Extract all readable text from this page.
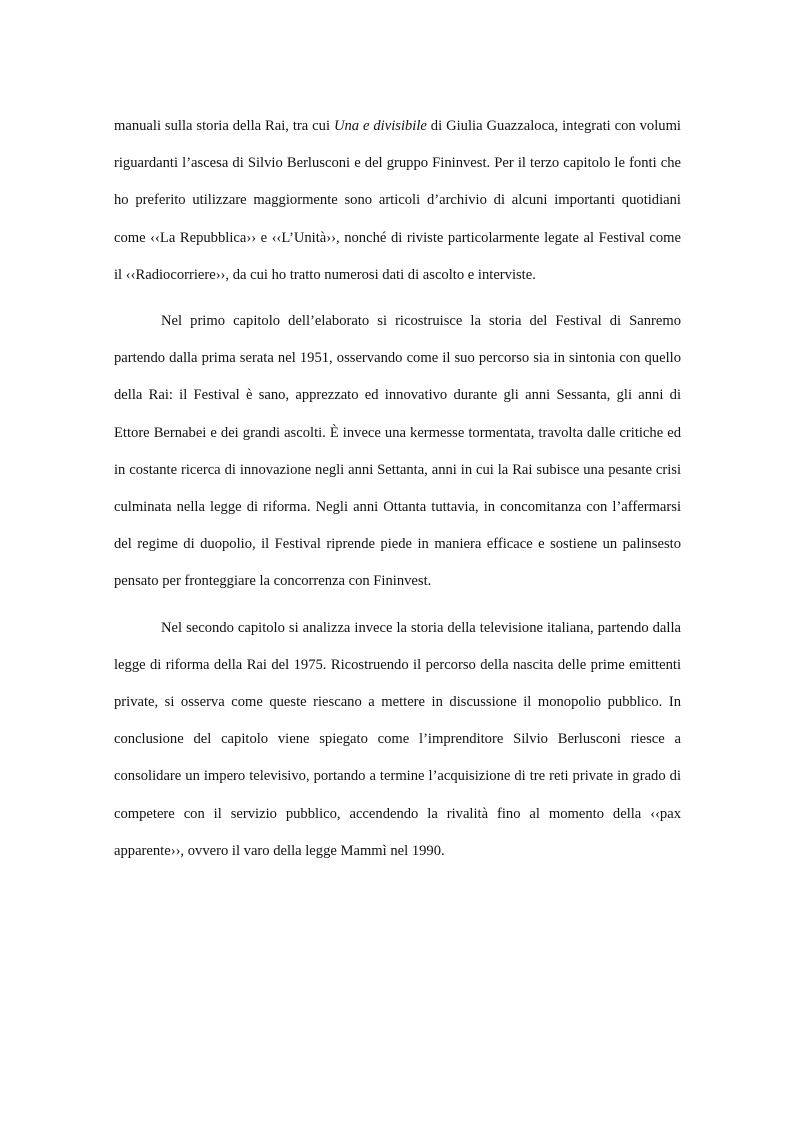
manuali sulla storia della Rai, tra cui Una e divisibile di Giulia Guazzaloca, integrati con volumi riguardanti l’ascesa di Silvio Berlusconi e del gruppo Fininvest. Per il terzo capitolo le fonti che ho preferito utilizzare maggiormente sono articoli d’archivio di alcuni importanti quotidiani come ‹‹La Repubblica›› e ‹‹L’Unità››, nonché di riviste particolarmente legate al Festival come il ‹‹Radiocorriere››, da cui ho tratto numerosi dati di ascolto e interviste.

Nel primo capitolo dell’elaborato si ricostruisce la storia del Festival di Sanremo partendo dalla prima serata nel 1951, osservando come il suo percorso sia in sintonia con quello della Rai: il Festival è sano, apprezzato ed innovativo durante gli anni Sessanta, gli anni di Ettore Bernabei e dei grandi ascolti. È invece una kermesse tormentata, travolta dalle critiche ed in costante ricerca di innovazione negli anni Settanta, anni in cui la Rai subisce una pesante crisi culminata nella legge di riforma. Negli anni Ottanta tuttavia, in concomitanza con l’affermarsi del regime di duopolio, il Festival riprende piede in maniera efficace e sostiene un palinsesto pensato per fronteggiare la concorrenza con Fininvest.

Nel secondo capitolo si analizza invece la storia della televisione italiana, partendo dalla legge di riforma della Rai del 1975. Ricostruendo il percorso della nascita delle prime emittenti private, si osserva come queste riescano a mettere in discussione il monopolio pubblico. In conclusione del capitolo viene spiegato come l’imprenditore Silvio Berlusconi riesce a consolidare un impero televisivo, portando a termine l’acquisizione di tre reti private in grado di competere con il servizio pubblico, accendendo la rivalità fino al momento della ‹‹pax apparente››, ovvero il varo della legge Mammì nel 1990.
